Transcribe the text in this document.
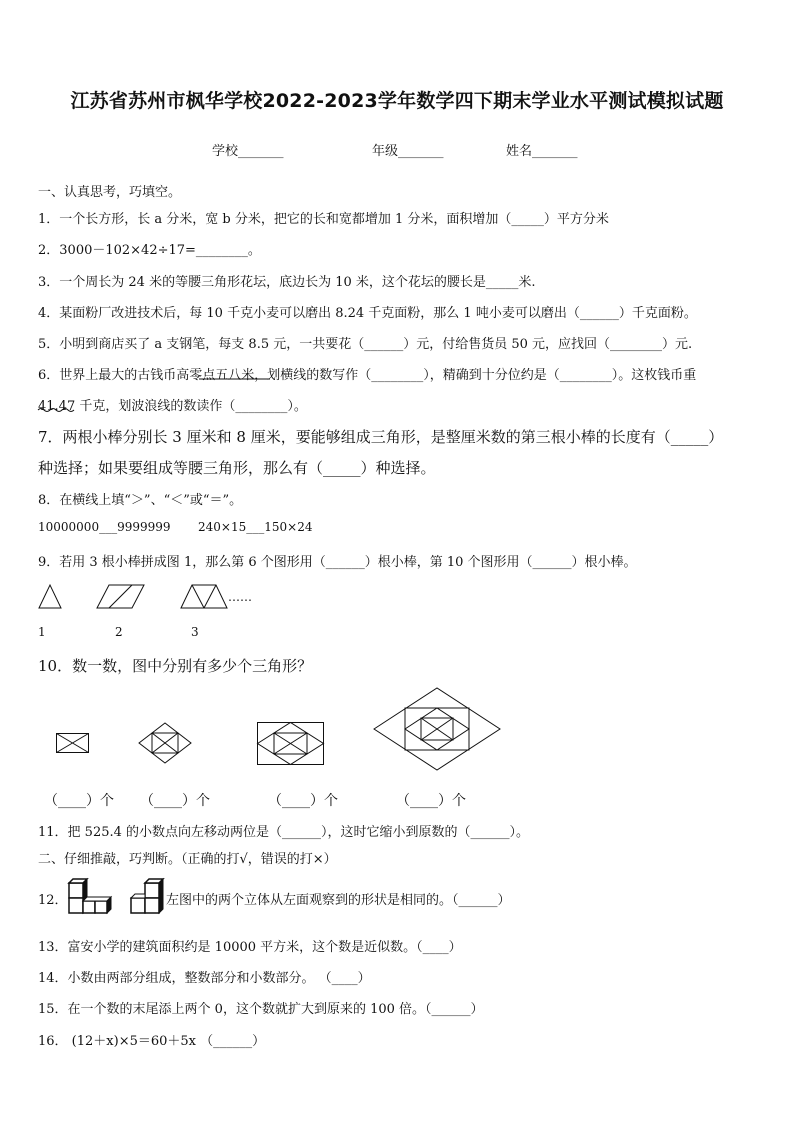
江苏省苏州市枫华学校2022-2023学年数学四下期末学业水平测试模拟试题
学校_______	年级_______	姓名_______
一、认真思考，巧填空。
1．一个长方形，长 a 分米，宽 b 分米，把它的长和宽都增加 1 分米，面积增加（_____）平方分米
2．3000－102×42÷17=________。
3．一个周长为 24 米的等腰三角形花坛，底边长为 10 米，这个花坛的腰长是_____米.
4．某面粉厂改进技术后，每 10 千克小麦可以磨出 8.24 千克面粉，那么 1 吨小麦可以磨出（______）千克面粉。
5．小明到商店买了 a 支钢笔，每支 8.5 元，一共要花（______）元，付给售货员 50 元，应找回（________）元.
6．世界上最大的古钱币高零点五八米，划横线的数写作（________），精确到十分位约是（________）。这枚钱币重
41.47 千克，划波浪线的数读作（________）。
7．两根小棒分别长 3 厘米和 8 厘米，要能够组成三角形，是整厘米数的第三根小棒的长度有（_____）
种选择；如果要组成等腰三角形，那么有（_____）种选择。
8．在横线上填“＞”、“＜”或“＝”。
10000000___9999999 240×15___150×24
9．若用 3 根小棒拼成图 1，那么第 6 个图形用（______）根小棒，第 10 个图形用（______）根小棒。
……
1	2	3
10．数一数，图中分别有多少个三角形？
（____）个 （____）个	（____）个	（____）个
11．把 525.4 的小数点向左移动两位是（______），这时它缩小到原数的（______）。
二、仔细推敲，巧判断。（正确的打√，错误的打×）
12．	左图中的两个立体从左面观察到的形状是相同的。（______）
13．富安小学的建筑面积约是 10000 平方米，这个数是近似数。（____）
14．小数由两部分组成，整数部分和小数部分。 （____）
15．在一个数的末尾添上两个 0，这个数就扩大到原来的 100 倍。（______）
16． (12＋x)×5＝60＋5x （______）
